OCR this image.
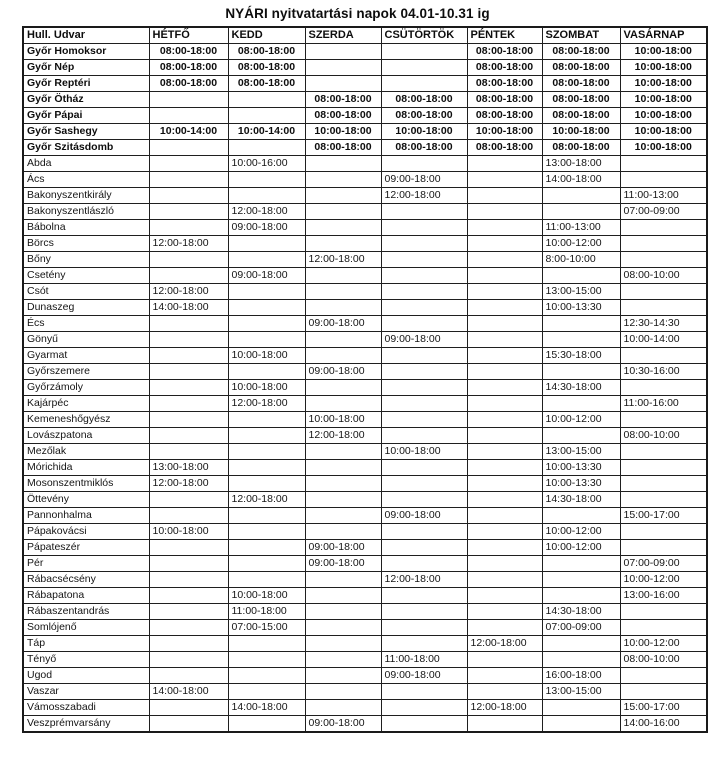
NYÁRI nyitvatartási napok 04.01-10.31 ig
Hull. Udvar	HÉTFŐ	KEDD	SZERDA	CSÜTÖRTÖK	PÉNTEK	SZOMBAT	VASÁRNAP
Győr Homoksor	08:00-18:00	08:00-18:00			08:00-18:00	08:00-18:00	10:00-18:00
Győr Nép	08:00-18:00	08:00-18:00			08:00-18:00	08:00-18:00	10:00-18:00
Győr Reptéri	08:00-18:00	08:00-18:00			08:00-18:00	08:00-18:00	10:00-18:00
Győr Ötház			08:00-18:00	08:00-18:00	08:00-18:00	08:00-18:00	10:00-18:00
Győr Pápai			08:00-18:00	08:00-18:00	08:00-18:00	08:00-18:00	10:00-18:00
Győr Sashegy	10:00-14:00	10:00-14:00	10:00-18:00	10:00-18:00	10:00-18:00	10:00-18:00	10:00-18:00
Győr Szitásdomb			08:00-18:00	08:00-18:00	08:00-18:00	08:00-18:00	10:00-18:00
Abda		10:00-16:00				13:00-18:00	
Ács				09:00-18:00		14:00-18:00	
Bakonyszentkirály				12:00-18:00			11:00-13:00
Bakonyszentlászló		12:00-18:00					07:00-09:00
Bábolna		09:00-18:00				11:00-13:00	
Börcs	12:00-18:00					10:00-12:00	
Bőny			12:00-18:00			8:00-10:00	
Csetény		09:00-18:00					08:00-10:00
Csót	12:00-18:00					13:00-15:00	
Dunaszeg	14:00-18:00					10:00-13:30	
Écs			09:00-18:00				12:30-14:30
Gönyű				09:00-18:00			10:00-14:00
Gyarmat		10:00-18:00				15:30-18:00	
Győrszemere			09:00-18:00				10:30-16:00
Győrzámoly		10:00-18:00				14:30-18:00	
Kajárpéc		12:00-18:00					11:00-16:00
Kemeneshőgyész			10:00-18:00			10:00-12:00	
Lovászpatona			12:00-18:00				08:00-10:00
Mezőlak				10:00-18:00		13:00-15:00	
Mórichida	13:00-18:00					10:00-13:30	
Mosonszentmiklós	12:00-18:00					10:00-13:30	
Öttevény		12:00-18:00				14:30-18:00	
Pannonhalma				09:00-18:00			15:00-17:00
Pápakovácsi	10:00-18:00					10:00-12:00	
Pápateszér			09:00-18:00			10:00-12:00	
Pér			09:00-18:00				07:00-09:00
Rábacsécsény				12:00-18:00			10:00-12:00
Rábapatona		10:00-18:00					13:00-16:00
Rábaszentandrás		11:00-18:00				14:30-18:00	
Somlójenő		07:00-15:00				07:00-09:00	
Táp					12:00-18:00		10:00-12:00
Tényő				11:00-18:00			08:00-10:00
Ugod				09:00-18:00		16:00-18:00	
Vaszar	14:00-18:00					13:00-15:00	
Vámosszabadi		14:00-18:00			12:00-18:00		15:00-17:00
Veszprémvarsány			09:00-18:00				14:00-16:00
